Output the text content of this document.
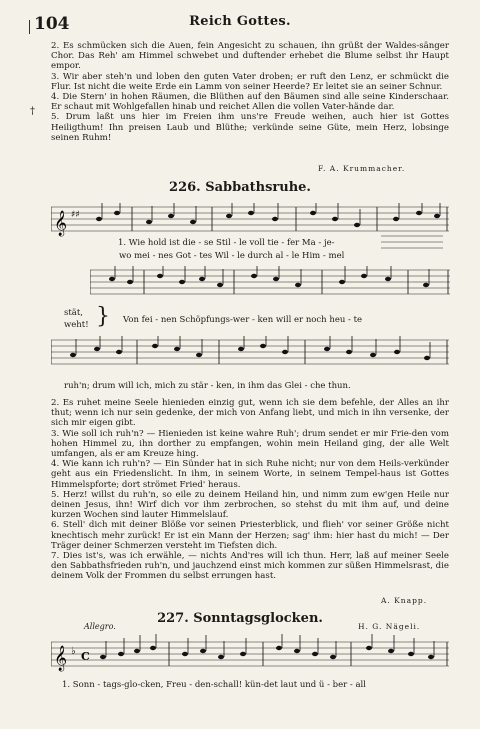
104	Reich Gottes.
†
2. Es schmücken sich die Auen, fein Angesicht zu schauen, ihn grüßt der Waldes-sänger Chor. Das Reh' am Himmel schwebet und duftender erhebet die Blume selbst ihr Haupt empor.
3. Wir aber steh'n und loben den guten Vater droben; er ruft den Lenz, er schmückt die Flur. Ist nicht die weite Erde ein Lamm von seiner Heerde? Er leitet sie an seiner Schnur.
4. Die Stern' in hohen Räumen, die Blüthen auf den Bäumen sind alle seine Kinderschaar. Er schaut mit Wohlgefallen hinab und reichet Allen die vollen Vater-hände dar.
5. Drum laßt uns hier im Freien ihm uns're Freude weihen, auch hier ist Gottes Heiligthum! Ihn preisen Laub und Blüthe; verkünde seine Güte, mein Herz, lobsinge seinen Ruhm!
F. A. Krummacher.
226. Sabbathsruhe.
𝄞 ♯♯
1. Wie hold ist die - se Stil - le voll tie - fer Ma - je-
wo mei - nes Got - tes Wil - le durch al - le Him - mel
stät,
weht! } Von fei - nen Schöpfungs-wer - ken will er noch heu - te
ruh'n; drum will ich, mich zu stär - ken, in ihm das Glei - che thun.
2. Es ruhet meine Seele hienieden einzig gut, wenn ich sie dem befehle, der Alles an ihr thut; wenn ich nur sein gedenke, der mich von Anfang liebt, und mich in ihn versenke, der sich mir eigen gibt.
3. Wie soll ich ruh'n? — Hienieden ist keine wahre Ruh'; drum sendet er mir Frie-den vom hohen Himmel zu, ihn dorther zu empfangen, wohin mein Heiland ging, der alle Welt umfangen, als er am Kreuze hing.
4. Wie kann ich ruh'n? — Ein Sünder hat in sich Ruhe nicht; nur von dem Heils-verkünder geht aus ein Friedenslicht. In ihm, in seinem Worte, in seinem Tempel-haus ist Gottes Himmelspforte; dort strömet Fried' heraus.
5. Herz! willst du ruh'n, so eile zu deinem Heiland hin, und nimm zum ew'gen Heile nur deinen Jesus, ihn! Wirf dich vor ihm zerbrochen, so stehst du mit ihm auf, und deine kurzen Wochen sind lauter Himmelslauf.
6. Stell' dich mit deiner Blöße vor seinen Priesterblick, und flieh' vor seiner Größe nicht knechtisch mehr zurück! Er ist ein Mann der Herzen; sag' ihm: hier hast du mich! — Der Träger deiner Schmerzen versteht im Tiefsten dich.
7. Dies ist's, was ich erwähle, — nichts And'res will ich thun. Herr, laß auf meiner Seele den Sabbathsfrieden ruh'n, und jauchzend einst mich kommen zur süßen Himmelsrast, die deinem Volk der Frommen du selbst errungen hast.
A. Knapp.
227. Sonntagsglocken.
Allegro.	H. G. Nägeli.
𝄞 ♭ C
1. Sonn - tags-glo-cken, Freu - den-schall! kün-det laut und ü - ber - all
